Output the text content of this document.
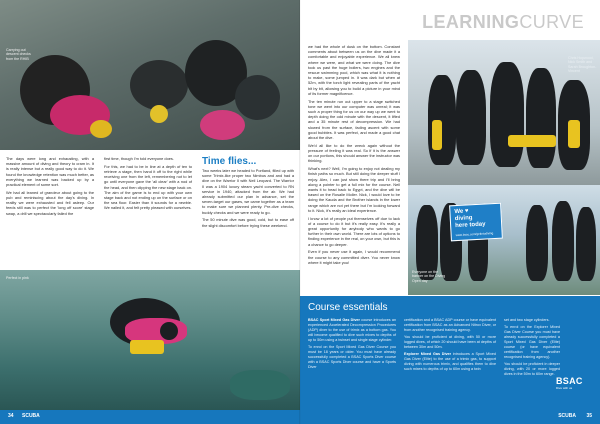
Carrying out descent checks from the RHIB

The days were long and exhausting, with a massive amount of diving and theory to cram in. It is really intense but a really good way to do it. We found the knowledge retention was much better, as everything we learned was backed up by a practical element of some sort.

We had all leaned of grandeur about going to the pub and reminiscing about the day's diving. In reality we were exhausted and fell asleep. Our feeds still was to perfect the 'long off score' stage swap, a drill we spectacularly failed the

first time, though I'm told everyone does.

For this, we had to be in line at a depth of ten to retrieve a stage, then hand it off to the right while receiving one from the left, remembering not to let go until everyone gave the 'all clear' with a nod of the head, and then clipping the new stage back on. The aim of the game is to end up with your own stage back and not ending up on the surface or on the sea floor. Easier than it sounds for a newbie. We nailed it, and felt pretty pleased with ourselves.

Time flies...

Two weeks later we headed to Portland, filled up with some Trimix-like proper two Nimbus and and had a dive on the Warrior II with Neil Leopard. The Warrior II was a 1904 luxury steam yacht converted to RN service in 1940, attacked from the air. We had already submitted our plan in advance, set the seven-target our gases, we came together as a team to make sure we planned plenty. Pre-dive checks, buddy checks and we were ready to go.

The 50 minute dive was good, cold, but to ease off the slight discomfort before trying these weekend.

Perfect in pink
34 SCUBA

we had the whole of dusk on the bottom. Constant comments about between us on the dive made it a comfortable and enjoyable experience. We all knew where we were, and what we were doing. The dive took us past the huge boilers, two engines and the rescue swimming pool, which was what it is nothing to make, some jumped in. It was dark but when at 52m, with the torch light revealing parts of the yacht bit by bit, allowing you to build a picture in your mind of its former magnificence.

The ten minute run out upper to a stage switched tone we went into our computer was unreal; it was such a proper thing for us on our way up we went to depth doing the odd minute with the descent, it lifted and a 35 minute rest of decompression. We had slowed from the surface, fading ascent with some good bubbles. It was perfect, and made a good chat about the dive.

We'd all like to do the wreck again without the pressure of feeling it was real. So if it is the answer on our portions, this should answer the instructor was thinking.

What's next? Well, I'm going to enjoy not dealing my finish paths so much. But still doing the deeper stuff I enjoy. Alex, I can just show there trip and I'll bring along a pointer to get a full mix for the course. Neil wants it to head back to Egypt, and the dive will be based on the Rosalie Moller. Nick, I would love to be doing the Kauda and the Brother islands in the lower range which are not yet there but I'm looking forward to it. Nick, it's really an ideal experience.

I know a lot of people put themselves off due to lack of a course to do it but it's really easy. It's really a great opportunity for anybody who wants to go further in their own world. There are lots of options to finding experience in the real, on your own, but this is a chance to go deeper.

Even if you never use it again, I would recommend the course to any committed diver. You never know where it might take you!

LEARNINGCURVE
Chris Hopwood, Nick Smith and Sarah Broughton-Vincent
We ♥
diving
here today
www.bsac.com/getintodiving
Everyone on the banner on the Diving Open day
Course essentials

BSAC Sport Mixed Gas Diver course introduces an experienced Accelerated Decompression Procedures (ADP) diver to the use of trimix as a bottom gas. You will become qualified to dive such mixes to depths of up to 50m using a twinset and single stage cylinder.

To enrol on the Sport Mixed Gas Diver Course you must be 18 years or older. You must have already successfully completed a BSAC Sports Diver course with a BSAC Sports Diver course and have a Sports Diver

certification and a BSAC ADP course or have equivalent certification from BSAC as an Advanced Nitrox Diver, or from another recognised training agency.

You should be proficient at diving, with 50 or more logged dives, of which 20 should have been at depths of between 30m and 50m.

Explorer Mixed Gas Diver introduces a Sport Mixed Gas Diver (Elite) to the use of a trimix gas, to support diving with numerous trimix, and qualifies them to dive such mixes to depths of up to 60m using a twin

set and two stage cylinders.

To enrol on the Explorer Mixed Gas Diver Course you must have already successfully completed a Sport Mixed Gas Diver (Elite) course (or have equivalent certification from another recognised training agency).

You should be proficient in deeper diving, with 20 or more logged dives in the 50m to 60m range.

BSAC
Dive with us
SCUBA 35
